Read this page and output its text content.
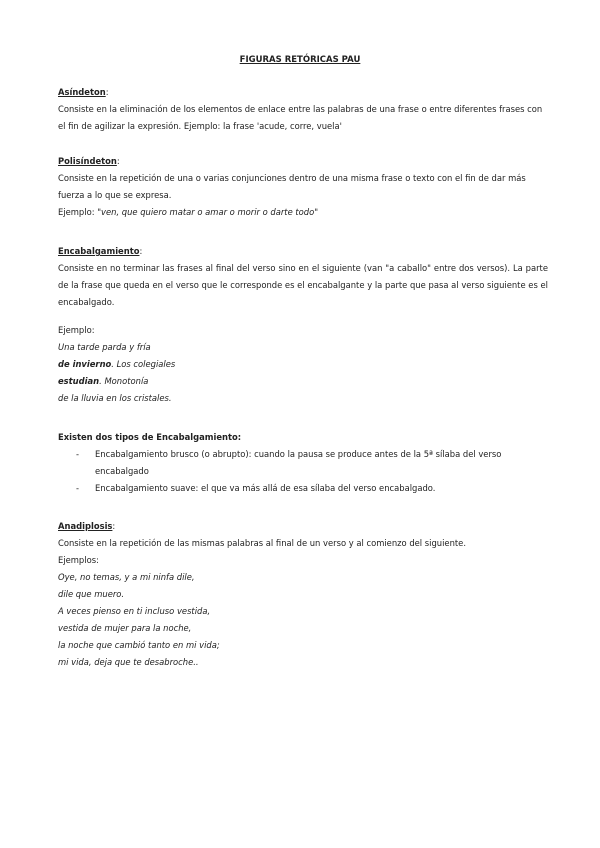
FIGURAS RETÓRICAS PAU
Asíndeton:

Consiste en la eliminación de los elementos de enlace entre las palabras de una frase o entre diferentes frases con el fin de agilizar la expresión. Ejemplo: la frase 'acude, corre, vuela'

Polisíndeton:

Consiste en la repetición de una o varias conjunciones dentro de una misma frase o texto con el fin de dar más fuerza a lo que se expresa.

Ejemplo: "ven, que quiero matar o amar o morir o darte todo"

Encabalgamiento:

Consiste en no terminar las frases al final del verso sino en el siguiente (van "a caballo" entre dos versos). La parte de la frase que queda en el verso que le corresponde es el encabalgante y la parte que pasa al verso siguiente es el encabalgado.

Ejemplo:

Una tarde parda y fría

de invierno. Los colegiales

estudian. Monotonía

de la lluvia en los cristales.

Existen dos tipos de Encabalgamiento:

- Encabalgamiento brusco (o abrupto): cuando la pausa se produce antes de la 5ª sílaba del verso encabalgado
- Encabalgamiento suave: el que va más allá de esa sílaba del verso encabalgado.
Anadiplosis:

Consiste en la repetición de las mismas palabras al final de un verso y al comienzo del siguiente.

Ejemplos:

Oye, no temas, y a mi ninfa dile,

dile que muero.

A veces pienso en ti incluso vestida,

vestida de mujer para la noche,

la noche que cambió tanto en mi vida;

mi vida, deja que te desabroche..
